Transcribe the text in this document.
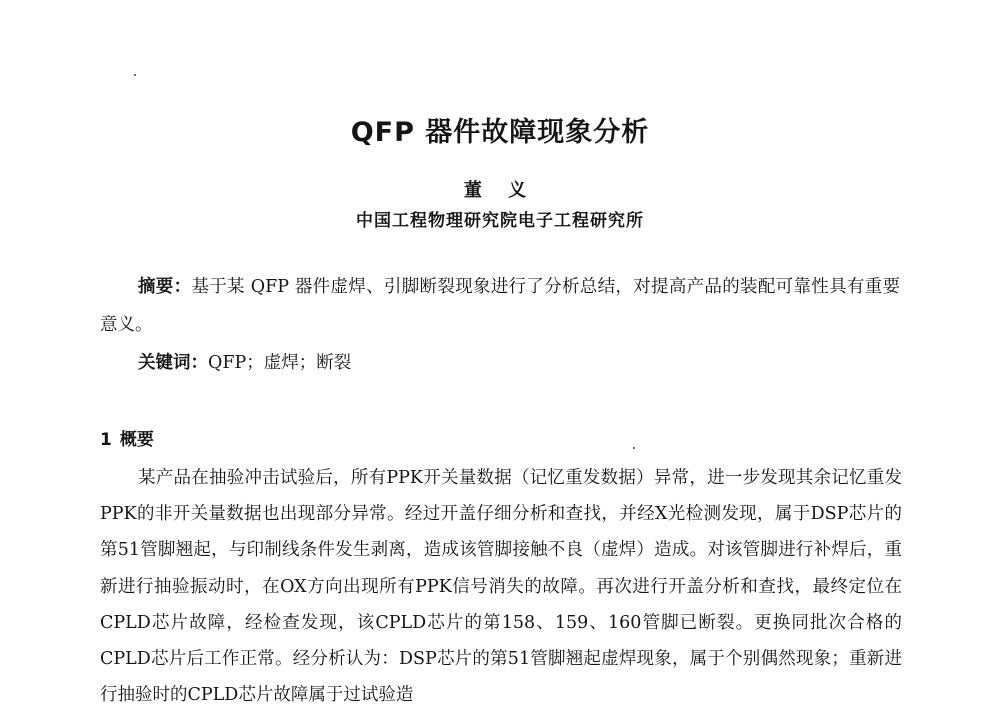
QFP 器件故障现象分析
董 义
中国工程物理研究院电子工程研究所

摘要：基于某 QFP 器件虚焊、引脚断裂现象进行了分析总结，对提高产品的装配可靠性具有重要意义。

关键词：QFP；虚焊；断裂

1 概要

某产品在抽验冲击试验后，所有PPK开关量数据（记忆重发数据）异常，进一步发现其余记忆重发PPK的非开关量数据也出现部分异常。经过开盖仔细分析和查找，并经X光检测发现，属于DSP芯片的第51管脚翘起，与印制线条件发生剥离，造成该管脚接触不良（虚焊）造成。对该管脚进行补焊后，重新进行抽验振动时，在OX方向出现所有PPK信号消失的故障。再次进行开盖分析和查找，最终定位在CPLD芯片故障，经检查发现，该CPLD芯片的第158、159、160管脚已断裂。更换同批次合格的CPLD芯片后工作正常。经分析认为：DSP芯片的第51管脚翘起虚焊现象，属于个别偶然现象；重新进行抽验时的CPLD芯片故障属于过试验造
